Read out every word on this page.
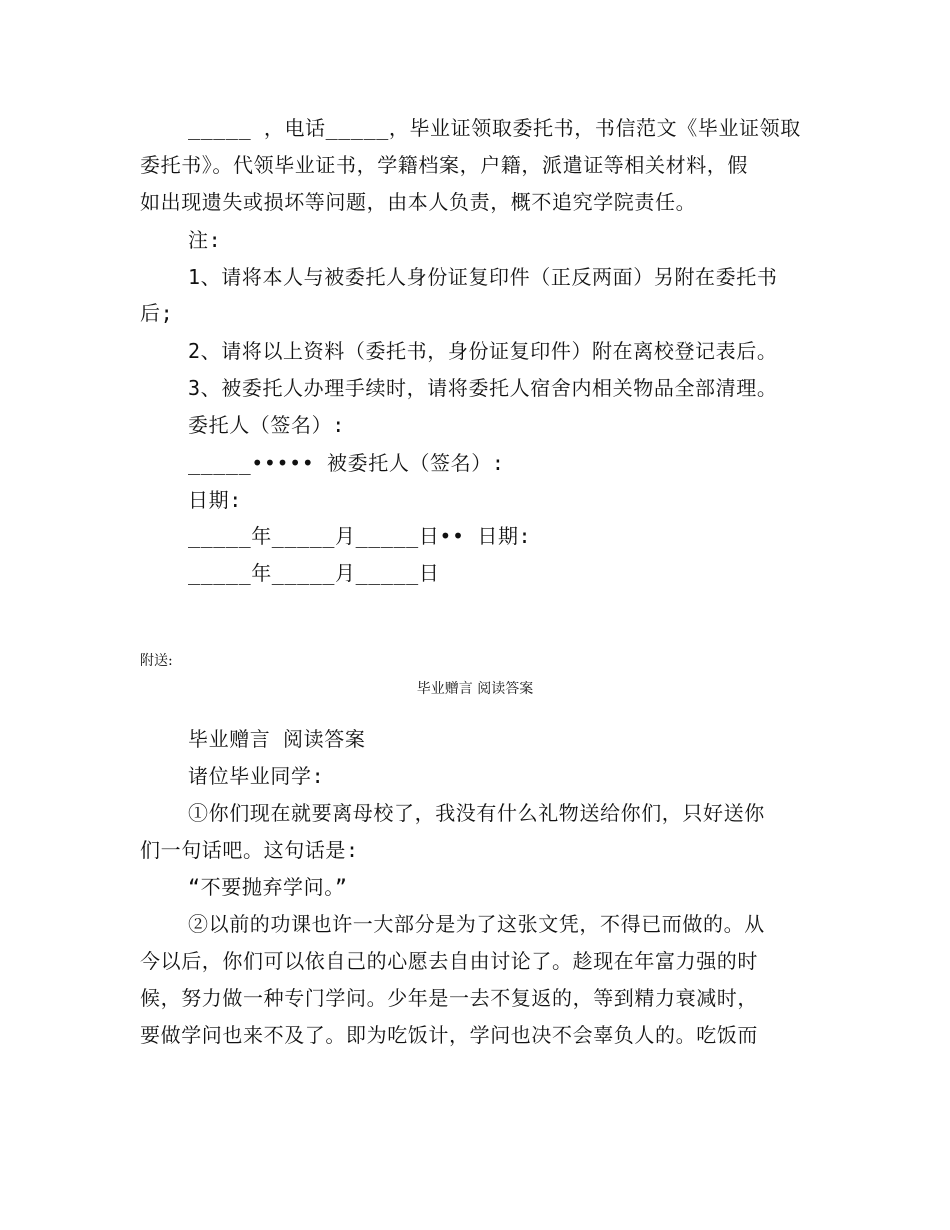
_____ ，电话_____，毕业证领取委托书，书信范文《毕业证领取
委托书》。代领毕业证书，学籍档案，户籍，派遣证等相关材料，假
如出现遗失或损坏等问题，由本人负责，概不追究学院责任。
注:
1、请将本人与被委托人身份证复印件（正反两面）另附在委托书
后;
2、请将以上资料（委托书，身份证复印件）附在离校登记表后。
3、被委托人办理手续时，请将委托人宿舍内相关物品全部清理。
委托人（签名）:
_____••••• 被委托人（签名）:
日期:
_____年_____月_____日•• 日期:
_____年_____月_____日
附送:
毕业赠言 阅读答案
毕业赠言 阅读答案
诸位毕业同学:
①你们现在就要离母校了，我没有什么礼物送给你们，只好送你
们一句话吧。这句话是:
“不要抛弃学问。”
②以前的功课也许一大部分是为了这张文凭，不得已而做的。从
今以后，你们可以依自己的心愿去自由讨论了。趁现在年富力强的时
候，努力做一种专门学问。少年是一去不复返的，等到精力衰减时，
要做学问也来不及了。即为吃饭计，学问也决不会辜负人的。吃饭而
